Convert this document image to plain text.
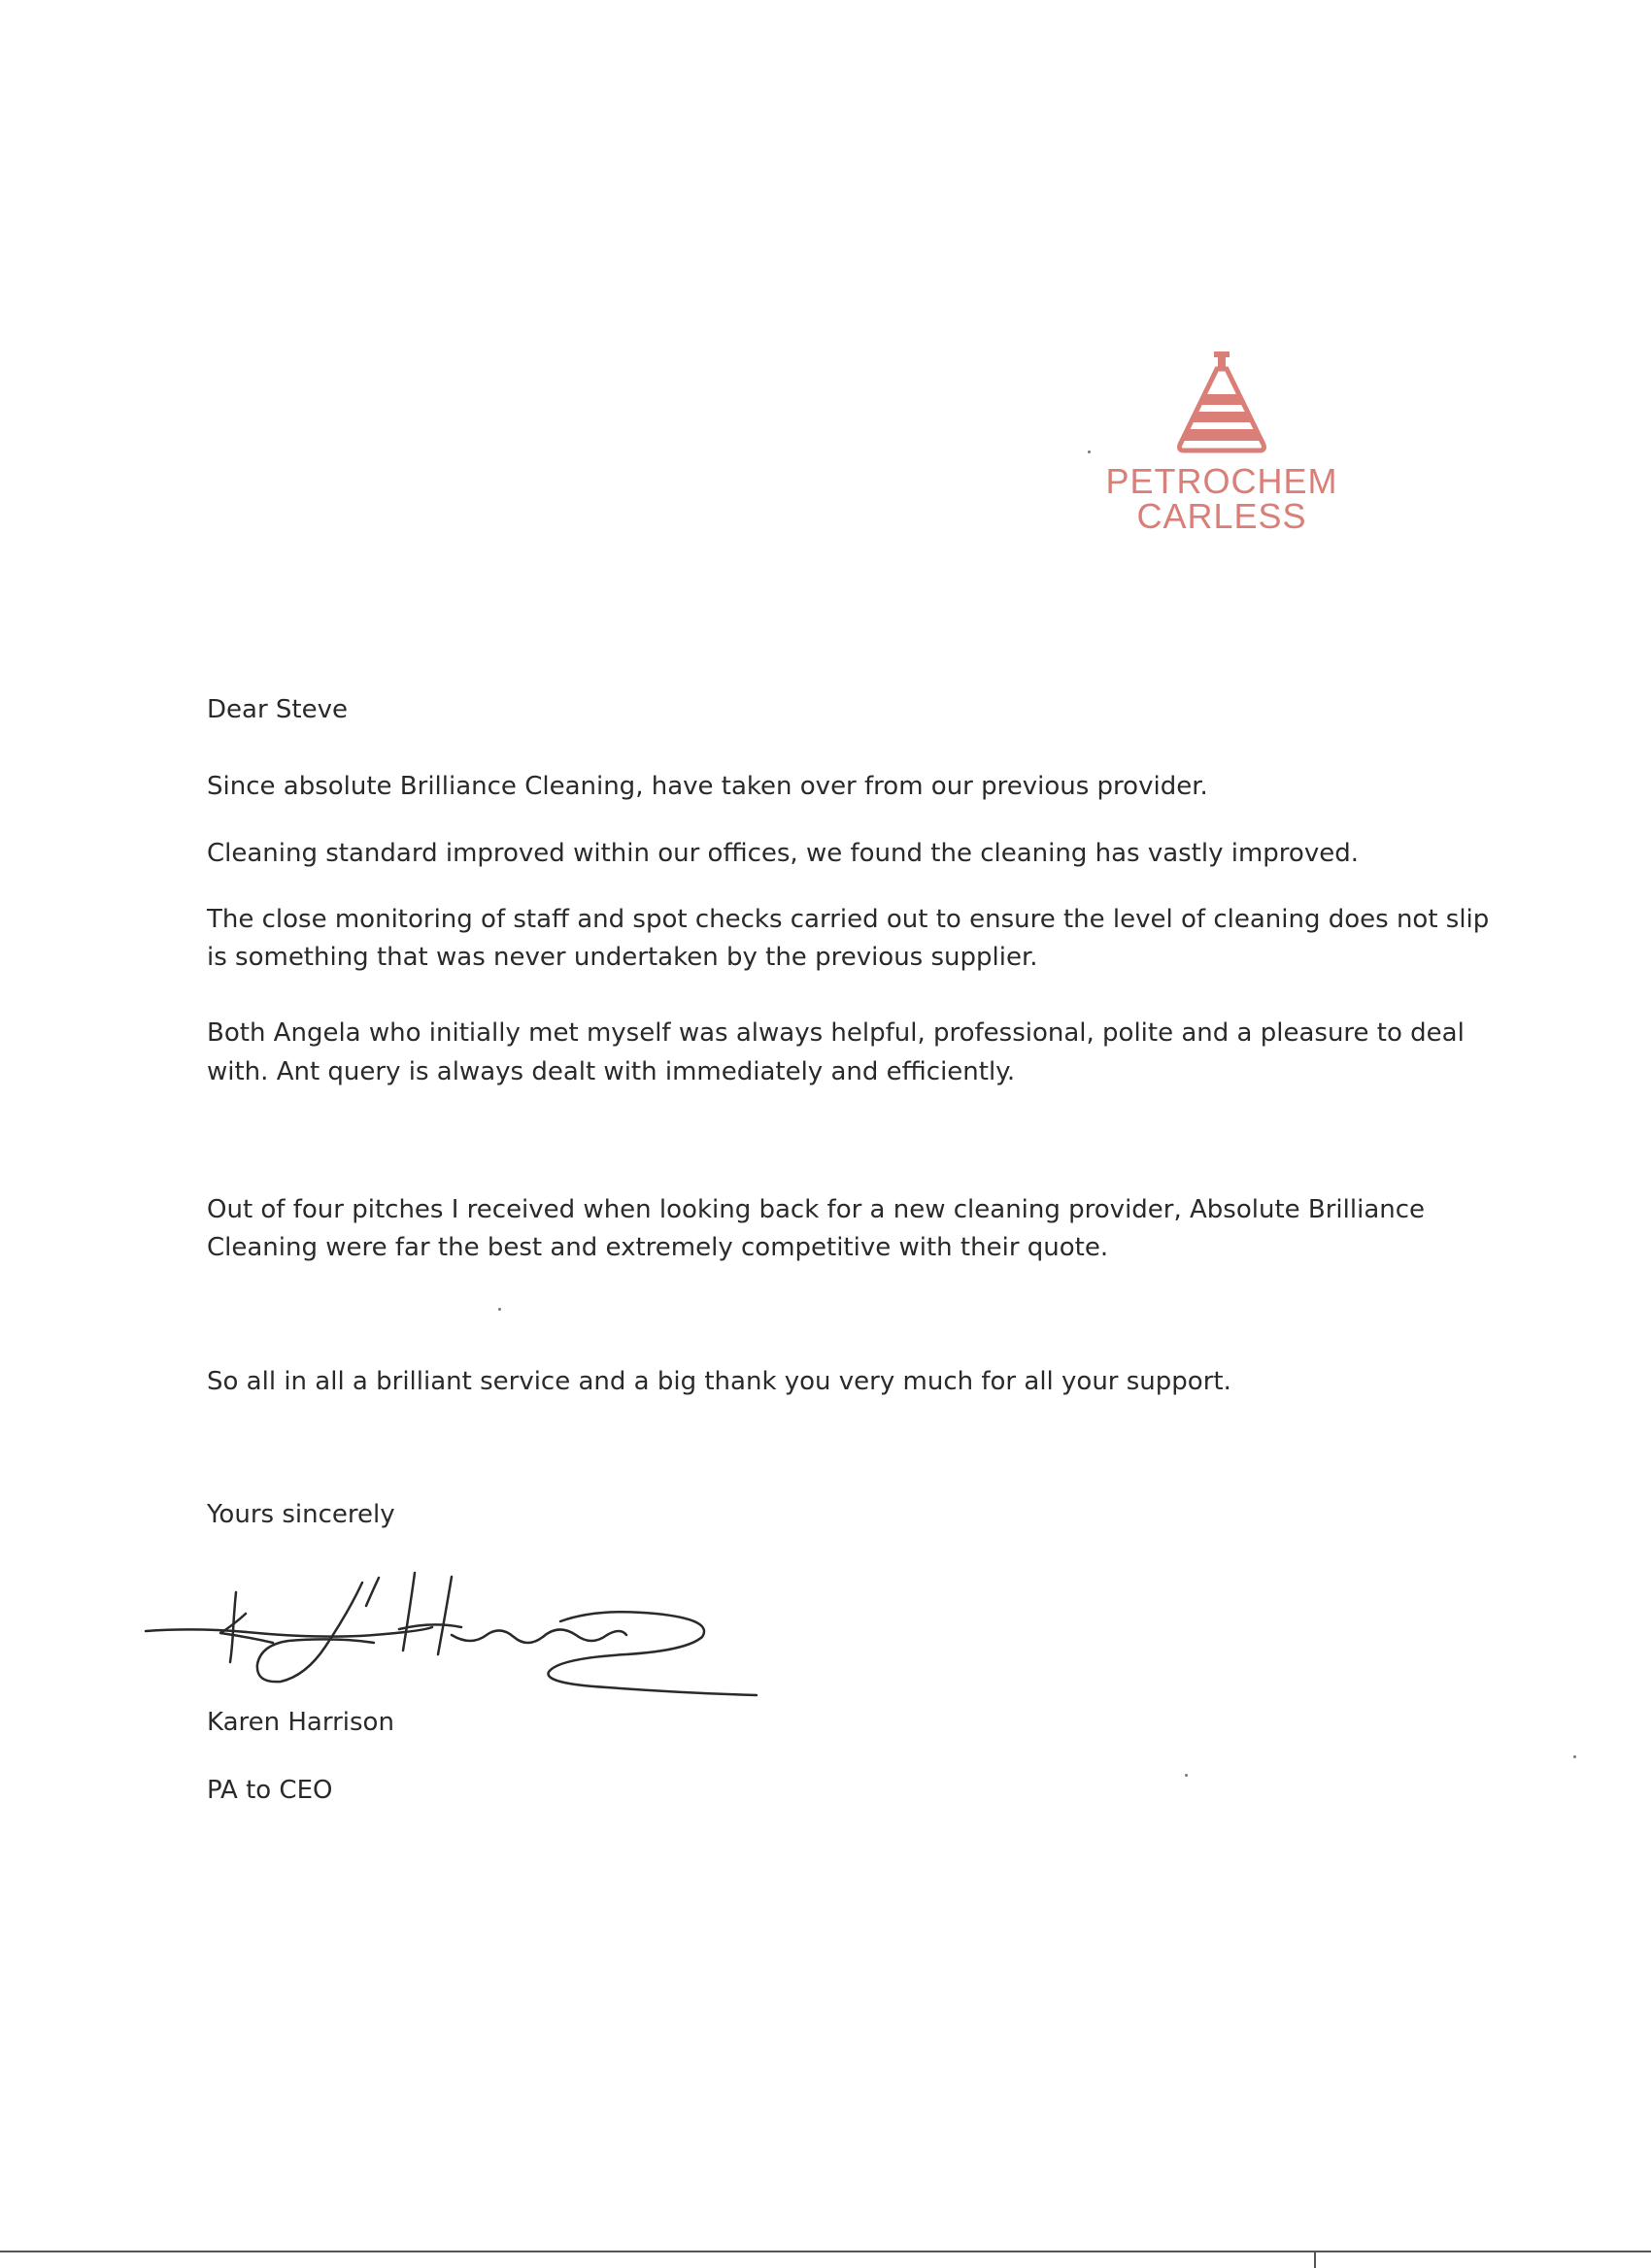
PETROCHEM
CARLESS

Dear Steve

Since absolute Brilliance Cleaning, have taken over from our previous provider.

Cleaning standard improved within our offices, we found the cleaning has vastly improved.

The close monitoring of staff and spot checks carried out to ensure the level of cleaning does not slip

is something that was never undertaken by the previous supplier.

Both Angela who initially met myself was always helpful, professional, polite and a pleasure to deal

with. Ant query is always dealt with immediately and efficiently.

Out of four pitches I received when looking back for a new cleaning provider, Absolute Brilliance

Cleaning were far the best and extremely competitive with their quote.

So all in all a brilliant service and a big thank you very much for all your support.

Yours sincerely

Karen Harrison

PA to CEO
